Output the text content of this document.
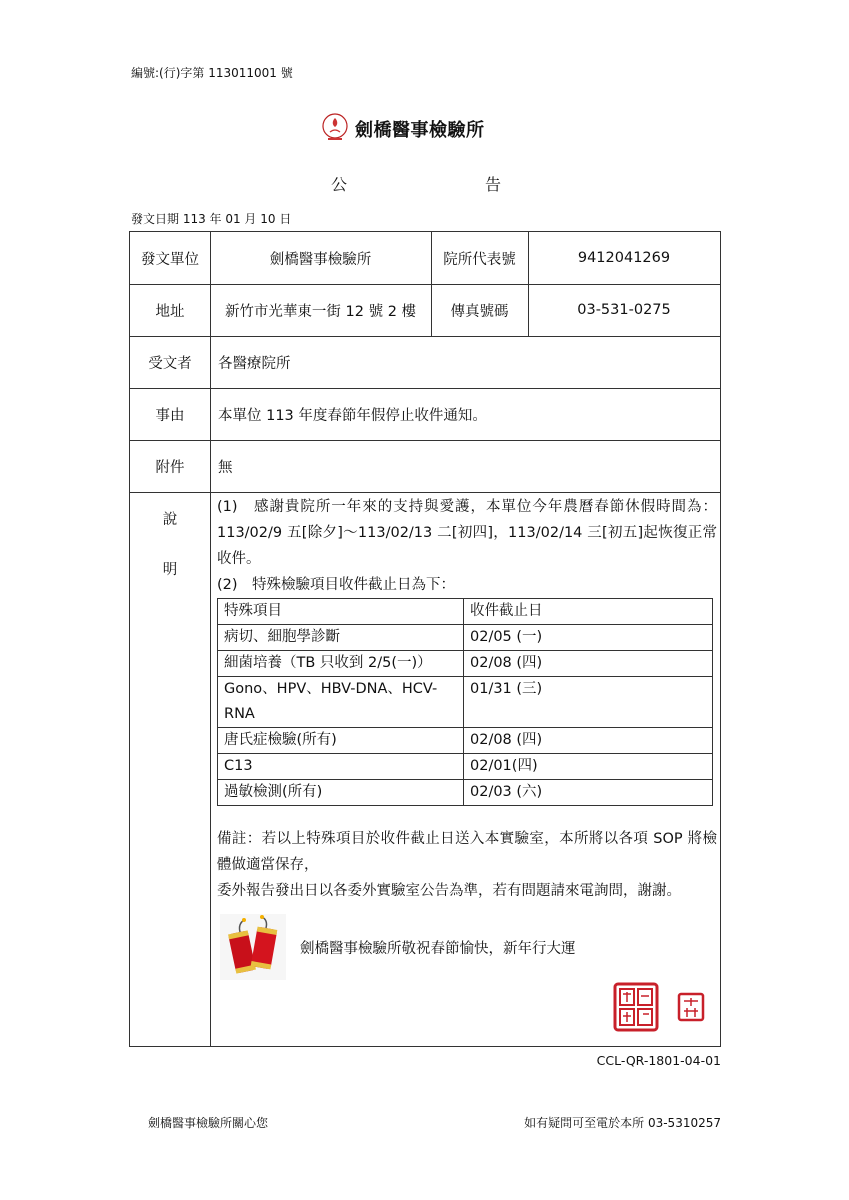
編號:(行)字第 113011001 號
劍橋醫事檢驗所
公	告
發文日期 113 年 01 月 10 日
發文單位	劍橋醫事檢驗所	院所代表號	9412041269
地址	新竹市光華東一街 12 號 2 樓	傳真號碼	03-531-0275
受文者	各醫療院所
事由	本單位 113 年度春節年假停止收件通知。
附件	無
說
明

(1)　感謝貴院所一年來的支持與愛護，本單位今年農曆春節休假時間為：113/02/9 五[除夕]～113/02/13 二[初四]，113/02/14 三[初五]起恢復正常收件。

(2)　特殊檢驗項目收件截止日為下：

特殊項目	收件截止日
病切、細胞學診斷	02/05 (一)
細菌培養（TB 只收到 2/5(一)）	02/08 (四)
Gono、HPV、HBV-DNA、HCV-RNA	01/31 (三)
唐氏症檢驗(所有)	02/08 (四)
C13	02/01(四)
過敏檢測(所有)	02/03 (六)

備註：若以上特殊項目於收件截止日送入本實驗室，本所將以各項 SOP 將檢體做適當保存，

委外報告發出日以各委外實驗室公告為準，若有問題請來電詢問，謝謝。

劍橋醫事檢驗所敬祝春節愉快，新年行大運
CCL-QR-1801-04-01
劍橋醫事檢驗所關心您	如有疑問可至電於本所 03-5310257
